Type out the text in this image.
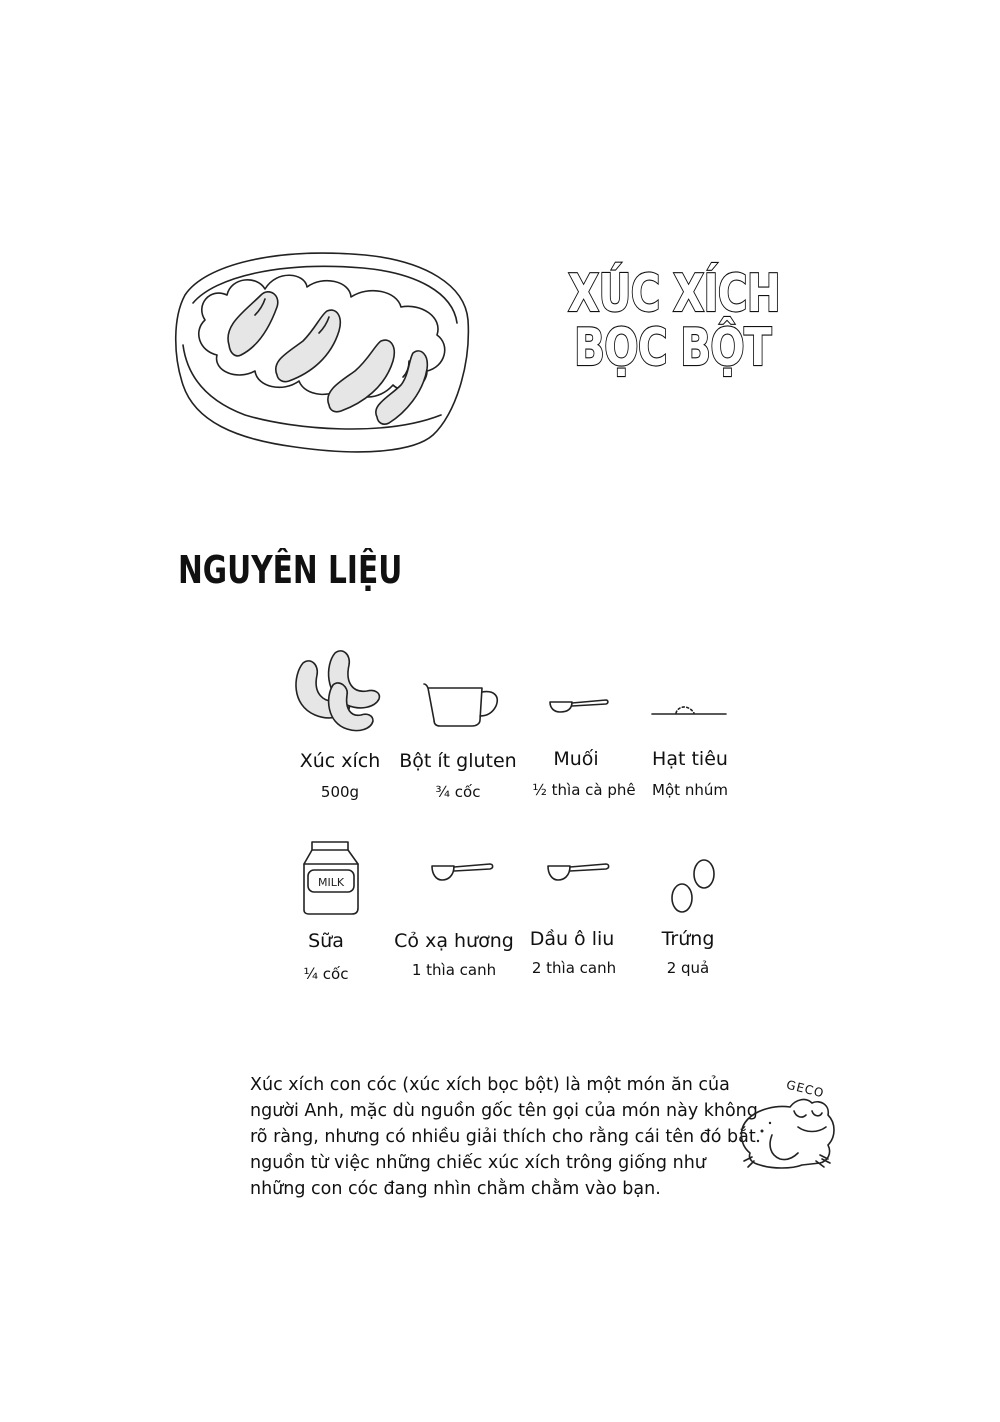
XÚC XÍCH
BỌC BỘT
NGUYÊN LIỆU
Xúc xích
500g
Bột ít gluten
¾ cốc
Muối
½ thìa cà phê
Hạt tiêu
Một nhúm
MILK
Sữa
¼ cốc
Cỏ xạ hương
1 thìa canh
Dầu ô liu
2 thìa canh
Trứng
2 quả
Xúc xích con cóc (xúc xích bọc bột) là một món ăn của
người Anh, mặc dù nguồn gốc tên gọi của món này không
rõ ràng, nhưng có nhiều giải thích cho rằng cái tên đó bắt
nguồn từ việc những chiếc xúc xích trông giống như
những con cóc đang nhìn chằm chằm vào bạn.
GECO
